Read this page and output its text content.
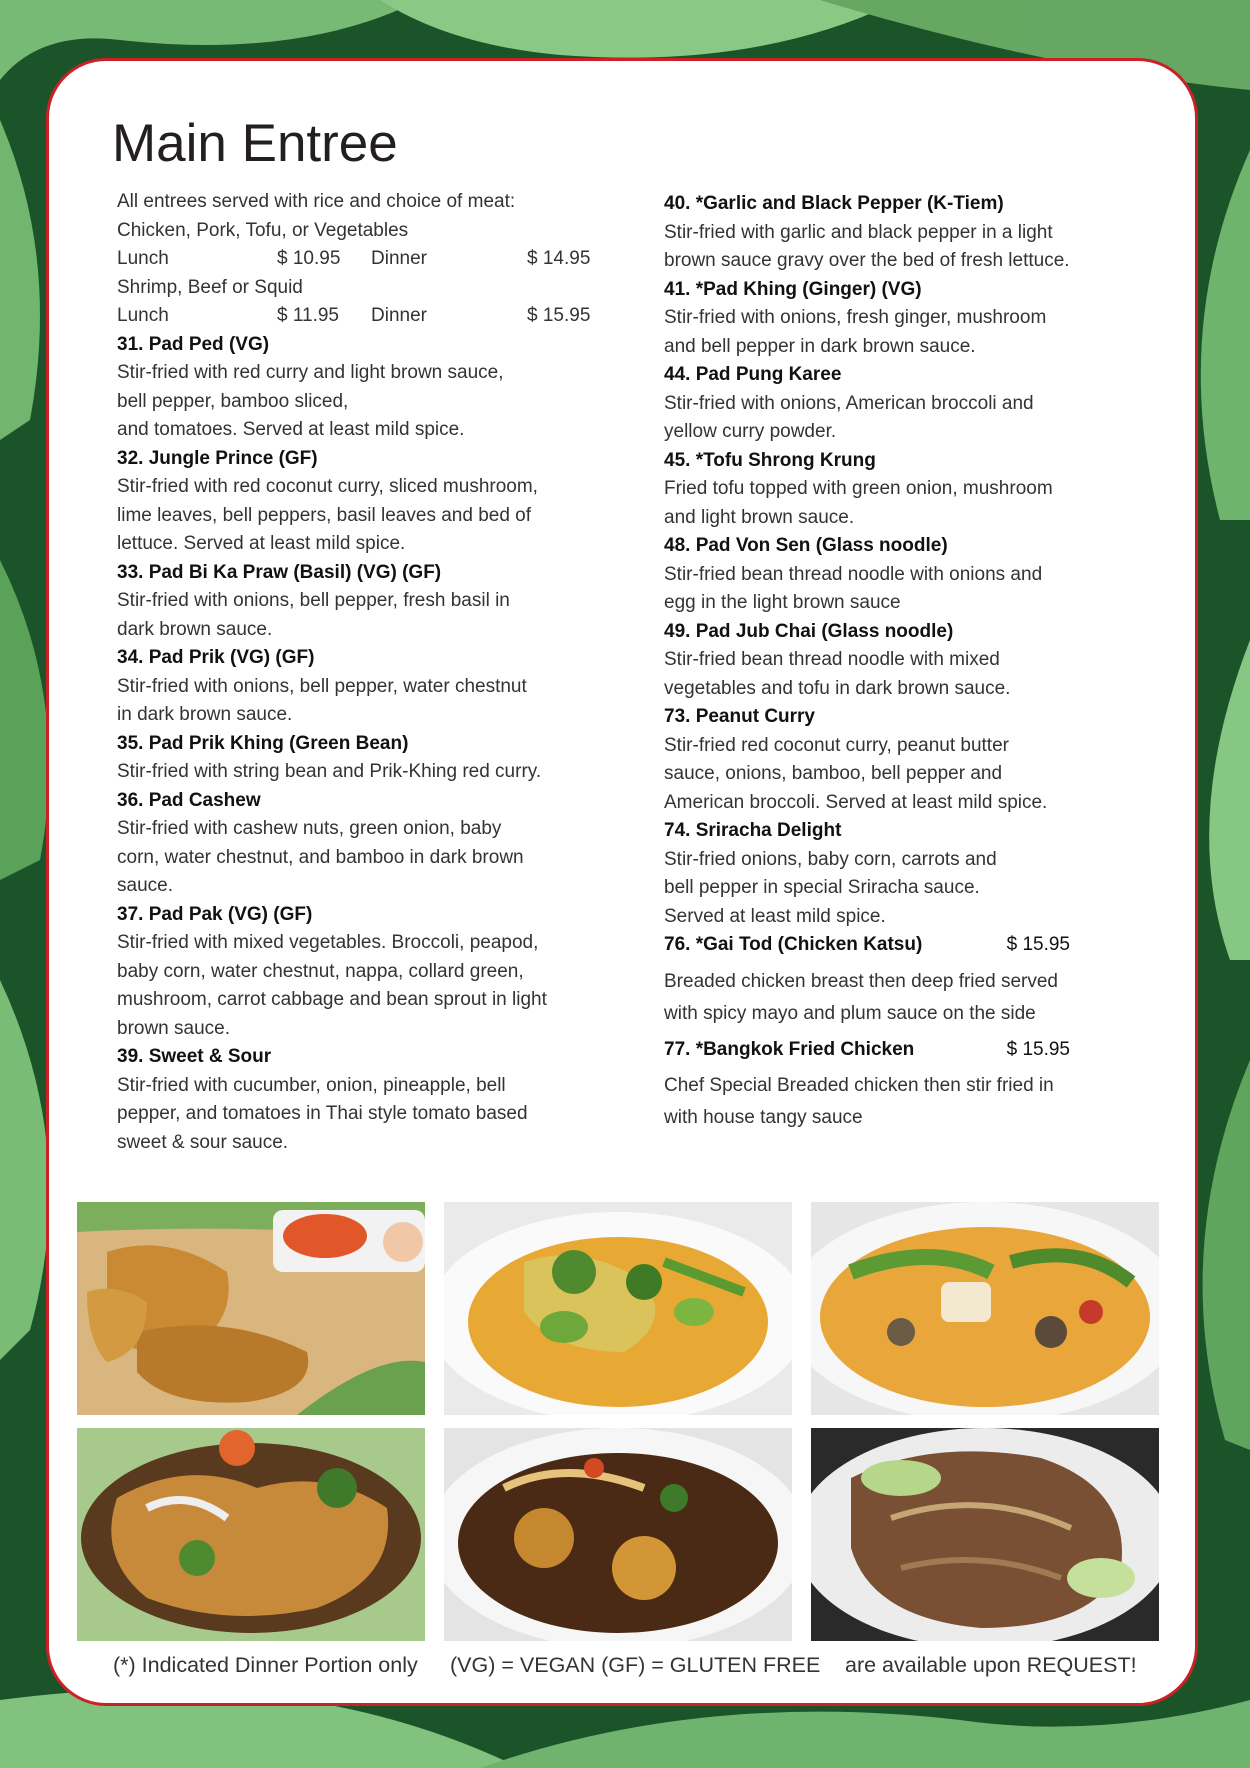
Main Entree
All entrees served with rice and choice of meat:
Chicken, Pork, Tofu, or Vegetables
Lunch	$ 10.95 Dinner	$ 14.95
Shrimp, Beef or Squid
Lunch	$ 11.95 Dinner	$ 15.95
31. Pad Ped (VG)
Stir-fried with red curry and light brown sauce,
bell pepper, bamboo sliced,
and tomatoes. Served at least mild spice.
32. Jungle Prince (GF)
Stir-fried with red coconut curry, sliced mushroom,
lime leaves, bell peppers, basil leaves and bed of
lettuce. Served at least mild spice.
33. Pad Bi Ka Praw (Basil) (VG) (GF)
Stir-fried with onions, bell pepper, fresh basil in
dark brown sauce.
34. Pad Prik (VG) (GF)
Stir-fried with onions, bell pepper, water chestnut
in dark brown sauce.
35. Pad Prik Khing (Green Bean)
Stir-fried with string bean and Prik-Khing red curry.
36. Pad Cashew
Stir-fried with cashew nuts, green onion, baby
corn, water chestnut, and bamboo in dark brown
sauce.
37. Pad Pak (VG) (GF)
Stir-fried with mixed vegetables. Broccoli, peapod,
baby corn, water chestnut, nappa, collard green,
mushroom, carrot cabbage and bean sprout in light
brown sauce.
39. Sweet & Sour
Stir-fried with cucumber, onion, pineapple, bell
pepper, and tomatoes in Thai style tomato based
sweet & sour sauce.
40. *Garlic and Black Pepper (K-Tiem)
Stir-fried with garlic and black pepper in a light
brown sauce gravy over the bed of fresh lettuce.
41. *Pad Khing (Ginger) (VG)
Stir-fried with onions, fresh ginger, mushroom
and bell pepper in dark brown sauce.
44. Pad Pung Karee
Stir-fried with onions, American broccoli and
yellow curry powder.
45. *Tofu Shrong Krung
Fried tofu topped with green onion, mushroom
and light brown sauce.
48. Pad Von Sen (Glass noodle)
Stir-fried bean thread noodle with onions and
egg in the light brown sauce
49. Pad Jub Chai (Glass noodle)
Stir-fried bean thread noodle with mixed
vegetables and tofu in dark brown sauce.
73. Peanut Curry
Stir-fried red coconut curry, peanut butter
sauce, onions, bamboo, bell pepper and
American broccoli. Served at least mild spice.
74. Sriracha Delight
Stir-fried onions, baby corn, carrots and
bell pepper in special Sriracha sauce.
Served at least mild spice.
76. *Gai Tod (Chicken Katsu)	$ 15.95
Breaded chicken breast then deep fried served
with spicy mayo and plum sauce on the side
77. *Bangkok Fried Chicken	$ 15.95
Chef Special Breaded chicken then stir fried in
with house tangy sauce
(*) Indicated Dinner Portion only (VG) = VEGAN (GF) = GLUTEN FREE are available upon REQUEST!
